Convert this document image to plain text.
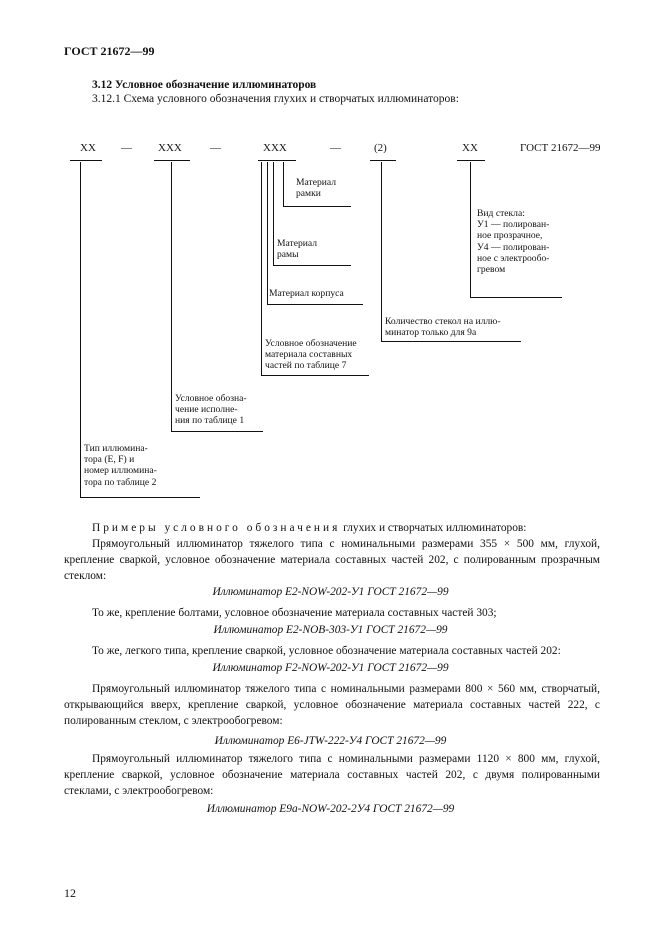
ГОСТ 21672—99
3.12 Условное обозначение иллюминаторов
3.12.1 Схема условного обозначения глухих и створчатых иллюминаторов:
XX — XXX	—	XXX	—	(2)	XX	ГОСТ 21672—99
Тип иллюмина-
тора (E, F) и
номер иллюмина-
тора по таблице 2
Условное обозна-
чение исполне-
ния по таблице 1
Условное обозначение
материала составных
частей по таблице 7
Материал корпуса
Материал
рамы
Материал
рамки
Количество стекол на иллю-
минатор только для 9а
Вид стекла:
У1 — полирован-
ное прозрачное,
У4 — полирован-
ное с электрообо-
гревом
Примеры условного обозначения глухих и створчатых иллюминаторов:
Прямоугольный иллюминатор тяжелого типа с номинальными размерами 355 × 500 мм, глухой, крепление сваркой, условное обозначение материала составных частей 202, с полированным прозрачным стеклом:
Иллюминатор E2-NOW-202-У1 ГОСТ 21672—99
То же, крепление болтами, условное обозначение материала составных частей 303;
Иллюминатор E2-NOB-303-У1 ГОСТ 21672—99
То же, легкого типа, крепление сваркой, условное обозначение материала составных частей 202:
Иллюминатор F2-NOW-202-У1 ГОСТ 21672—99
Прямоугольный иллюминатор тяжелого типа с номинальными размерами 800 × 560 мм, створчатый, открывающийся вверх, крепление сваркой, условное обозначение материала составных частей 222, с полированным стеклом, с электрообогревом:
Иллюминатор E6-JTW-222-У4 ГОСТ 21672—99
Прямоугольный иллюминатор тяжелого типа с номинальными размерами 1120 × 800 мм, глухой, крепление сваркой, условное обозначение материала составных частей 202, с двумя полированными стеклами, с электрообогревом:
Иллюминатор E9a-NOW-202-2У4 ГОСТ 21672—99
12
